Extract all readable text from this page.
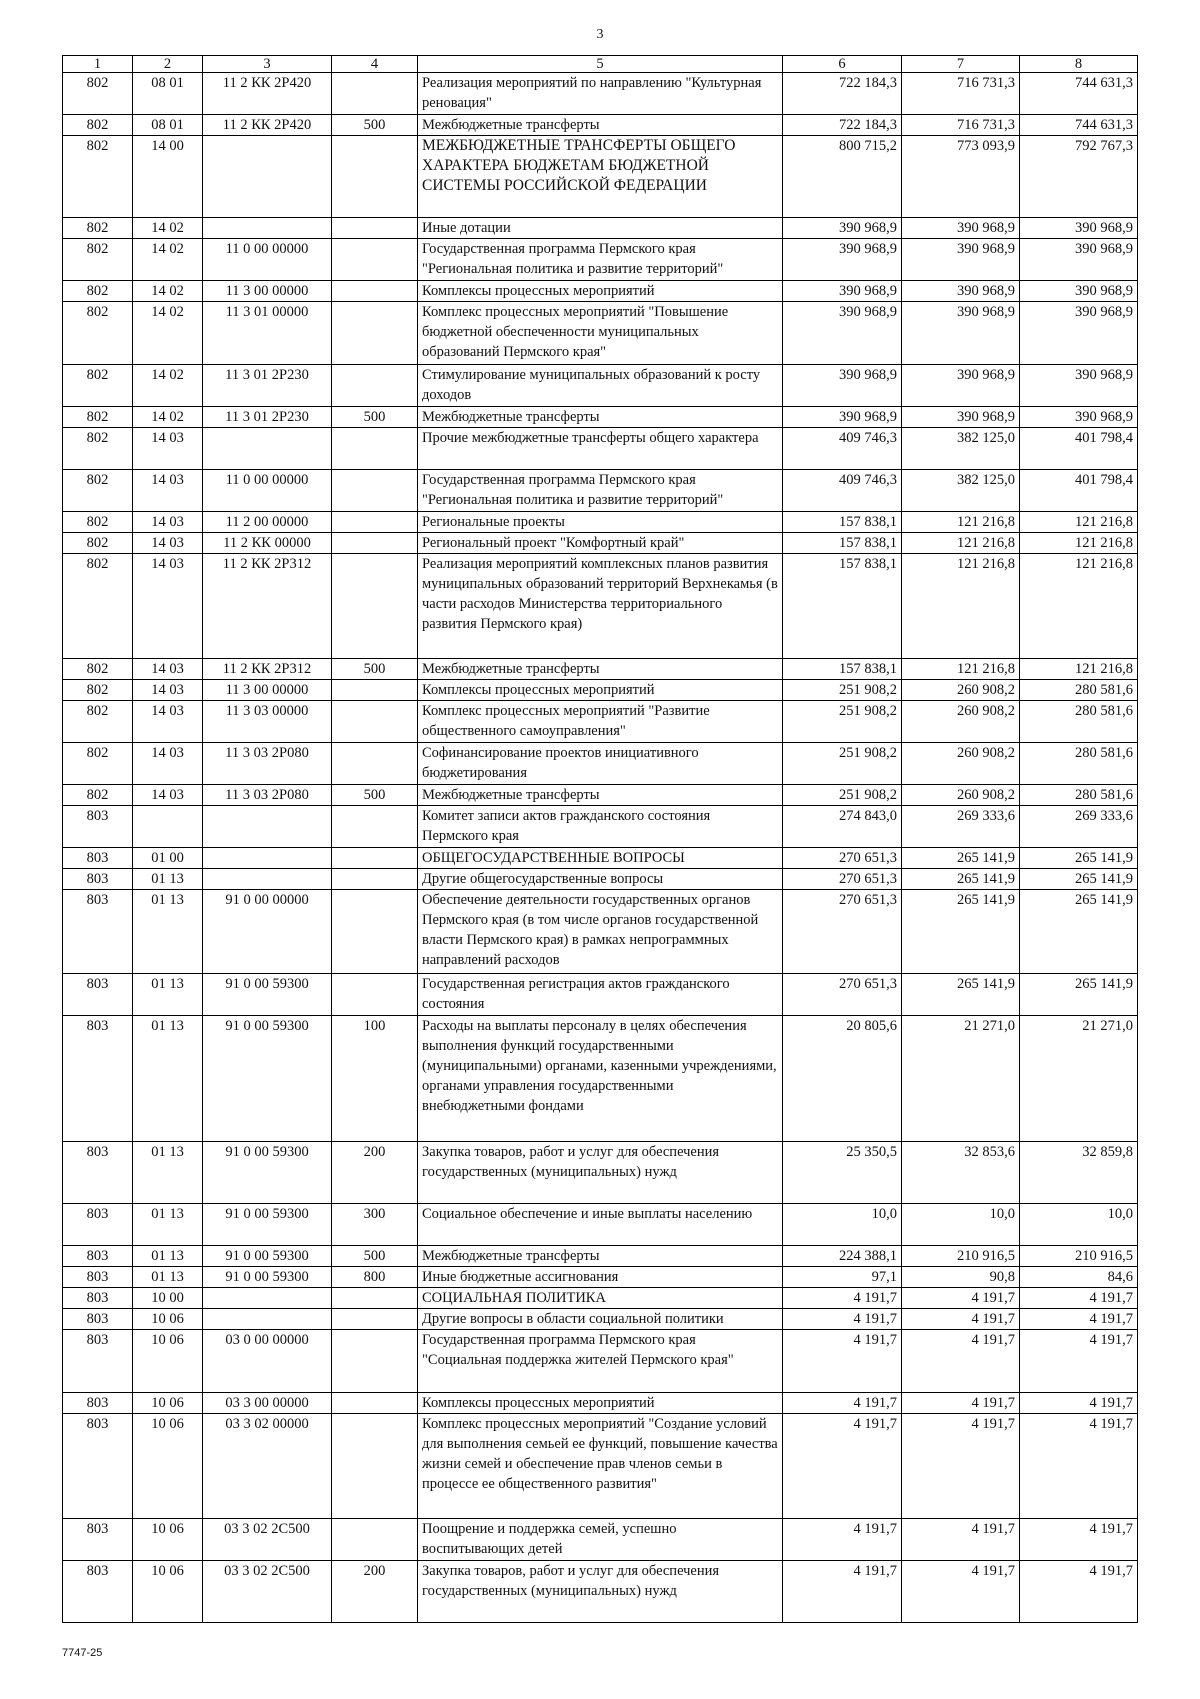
3
1	2	3	4	5	6	7	8
802	08 01	11 2 КК 2Р420		Реализация мероприятий по направлению "Культурная реновация"	722 184,3	716 731,3	744 631,3
802	08 01	11 2 КК 2Р420	500	Межбюджетные трансферты	722 184,3	716 731,3	744 631,3
802	14 00			МЕЖБЮДЖЕТНЫЕ ТРАНСФЕРТЫ ОБЩЕГО ХАРАКТЕРА БЮДЖЕТАМ БЮДЖЕТНОЙ СИСТЕМЫ РОССИЙСКОЙ ФЕДЕРАЦИИ	800 715,2	773 093,9	792 767,3
802	14 02			Иные дотации	390 968,9	390 968,9	390 968,9
802	14 02	11 0 00 00000		Государственная программа Пермского края "Региональная политика и развитие территорий"	390 968,9	390 968,9	390 968,9
802	14 02	11 3 00 00000		Комплексы процессных мероприятий	390 968,9	390 968,9	390 968,9
802	14 02	11 3 01 00000		Комплекс процессных мероприятий "Повышение бюджетной обеспеченности муниципальных образований Пермского края"	390 968,9	390 968,9	390 968,9
802	14 02	11 3 01 2Р230		Стимулирование муниципальных образований к росту доходов	390 968,9	390 968,9	390 968,9
802	14 02	11 3 01 2Р230	500	Межбюджетные трансферты	390 968,9	390 968,9	390 968,9
802	14 03			Прочие межбюджетные трансферты общего характера	409 746,3	382 125,0	401 798,4
802	14 03	11 0 00 00000		Государственная программа Пермского края "Региональная политика и развитие территорий"	409 746,3	382 125,0	401 798,4
802	14 03	11 2 00 00000		Региональные проекты	157 838,1	121 216,8	121 216,8
802	14 03	11 2 КК 00000		Региональный проект "Комфортный край"	157 838,1	121 216,8	121 216,8
802	14 03	11 2 КК 2Р312		Реализация мероприятий комплексных планов развития муниципальных образований территорий Верхнекамья (в части расходов Министерства территориального развития Пермского края)	157 838,1	121 216,8	121 216,8
802	14 03	11 2 КК 2Р312	500	Межбюджетные трансферты	157 838,1	121 216,8	121 216,8
802	14 03	11 3 00 00000		Комплексы процессных мероприятий	251 908,2	260 908,2	280 581,6
802	14 03	11 3 03 00000		Комплекс процессных мероприятий "Развитие общественного самоуправления"	251 908,2	260 908,2	280 581,6
802	14 03	11 3 03 2Р080		Софинансирование проектов инициативного бюджетирования	251 908,2	260 908,2	280 581,6
802	14 03	11 3 03 2Р080	500	Межбюджетные трансферты	251 908,2	260 908,2	280 581,6
803				Комитет записи актов гражданского состояния Пермского края	274 843,0	269 333,6	269 333,6
803	01 00			ОБЩЕГОСУДАРСТВЕННЫЕ ВОПРОСЫ	270 651,3	265 141,9	265 141,9
803	01 13			Другие общегосударственные вопросы	270 651,3	265 141,9	265 141,9
803	01 13	91 0 00 00000		Обеспечение деятельности государственных органов Пермского края (в том числе органов государственной власти Пермского края) в рамках непрограммных направлений расходов	270 651,3	265 141,9	265 141,9
803	01 13	91 0 00 59300		Государственная регистрация актов гражданского состояния	270 651,3	265 141,9	265 141,9
803	01 13	91 0 00 59300	100	Расходы на выплаты персоналу в целях обеспечения выполнения функций государственными (муниципальными) органами, казенными учреждениями, органами управления государственными внебюджетными фондами	20 805,6	21 271,0	21 271,0
803	01 13	91 0 00 59300	200	Закупка товаров, работ и услуг для обеспечения государственных (муниципальных) нужд	25 350,5	32 853,6	32 859,8
803	01 13	91 0 00 59300	300	Социальное обеспечение и иные выплаты населению	10,0	10,0	10,0
803	01 13	91 0 00 59300	500	Межбюджетные трансферты	224 388,1	210 916,5	210 916,5
803	01 13	91 0 00 59300	800	Иные бюджетные ассигнования	97,1	90,8	84,6
803	10 00			СОЦИАЛЬНАЯ ПОЛИТИКА	4 191,7	4 191,7	4 191,7
803	10 06			Другие вопросы в области социальной политики	4 191,7	4 191,7	4 191,7
803	10 06	03 0 00 00000		Государственная программа Пермского края "Социальная поддержка жителей Пермского края"	4 191,7	4 191,7	4 191,7
803	10 06	03 3 00 00000		Комплексы процессных мероприятий	4 191,7	4 191,7	4 191,7
803	10 06	03 3 02 00000		Комплекс процессных мероприятий "Создание условий для выполнения семьей ее функций, повышение качества жизни семей и обеспечение прав членов семьи в процессе ее общественного развития"	4 191,7	4 191,7	4 191,7
803	10 06	03 3 02 2С500		Поощрение и поддержка семей, успешно воспитывающих детей	4 191,7	4 191,7	4 191,7
803	10 06	03 3 02 2С500	200	Закупка товаров, работ и услуг для обеспечения государственных (муниципальных) нужд	4 191,7	4 191,7	4 191,7
7747-25
